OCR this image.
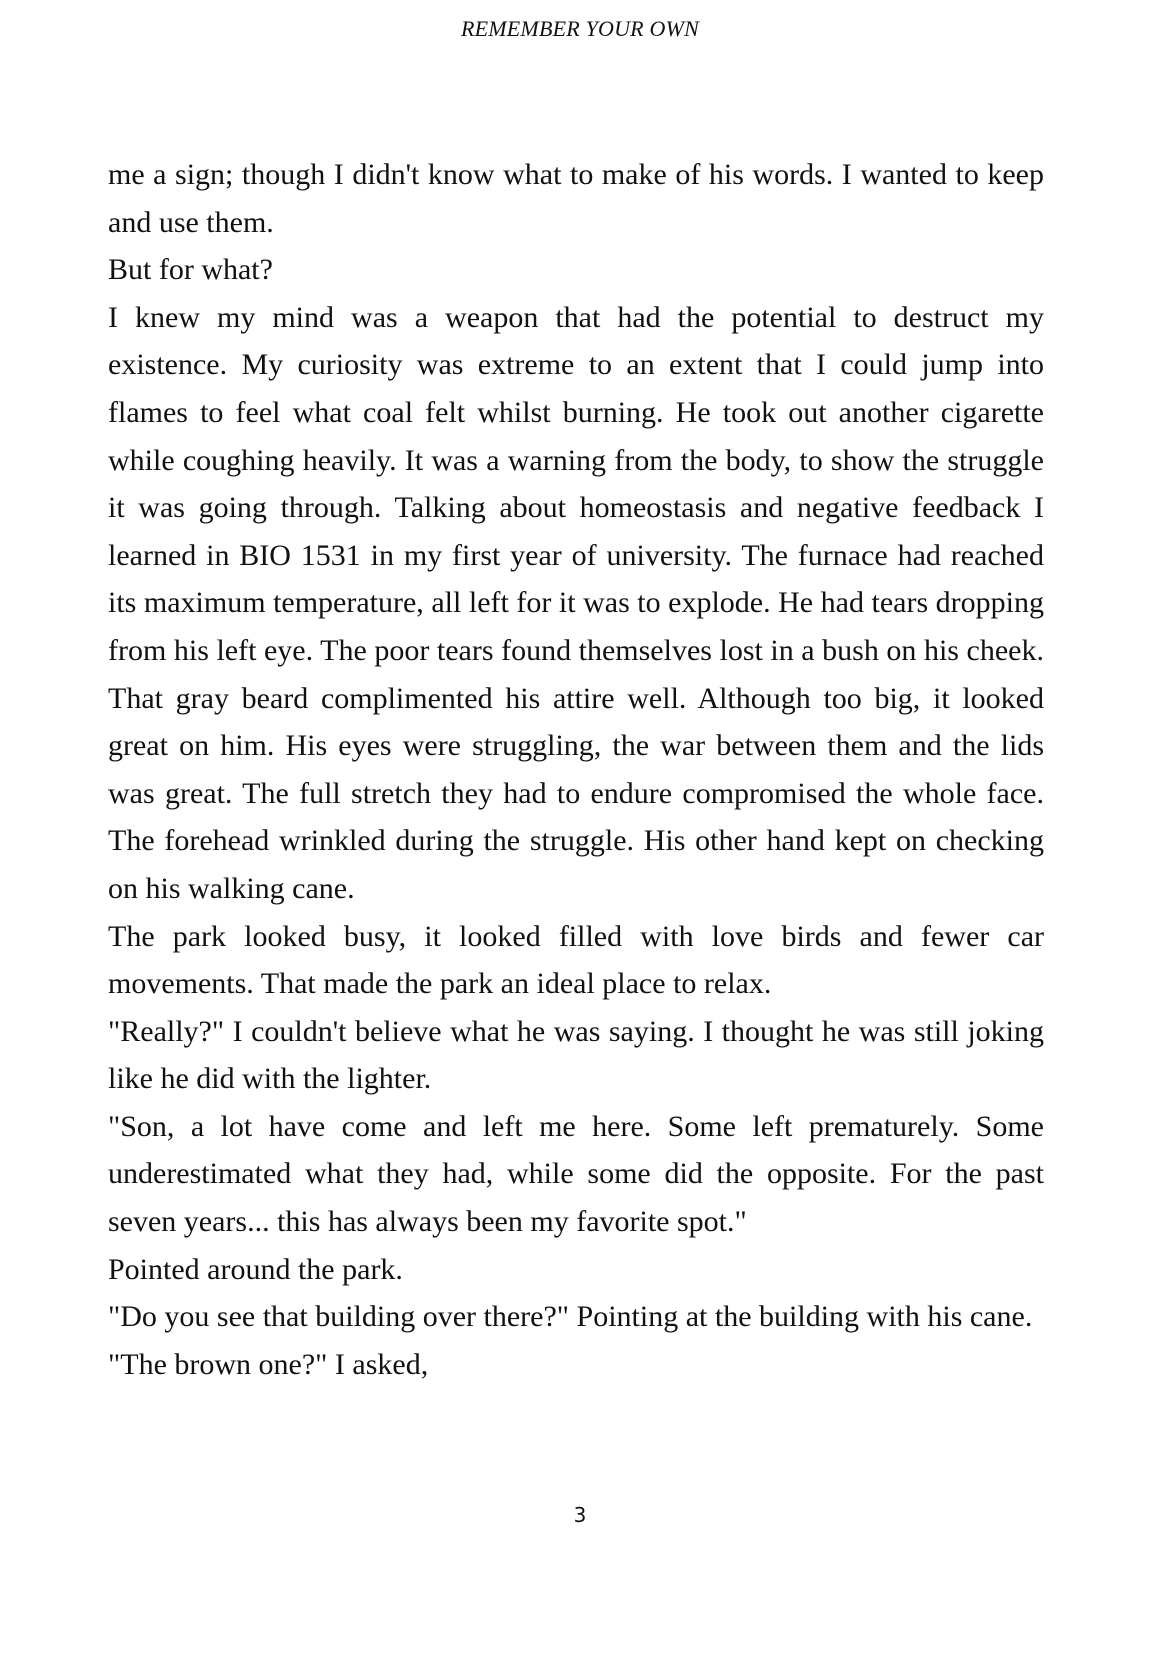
REMEMBER YOUR OWN

me a sign; though I didn't know what to make of his words. I wanted to keep and use them.

But for what?

I knew my mind was a weapon that had the potential to destruct my existence. My curiosity was extreme to an extent that I could jump into flames to feel what coal felt whilst burning. He took out another cigarette while coughing heavily. It was a warning from the body, to show the struggle it was going through. Talking about homeostasis and negative feedback I learned in BIO 1531 in my first year of university. The furnace had reached its maximum temperature, all left for it was to explode. He had tears dropping from his left eye. The poor tears found themselves lost in a bush on his cheek. That gray beard complimented his attire well. Although too big, it looked great on him. His eyes were struggling, the war between them and the lids was great. The full stretch they had to endure compromised the whole face. The forehead wrinkled during the struggle. His other hand kept on checking on his walking cane.

The park looked busy, it looked filled with love birds and fewer car movements. That made the park an ideal place to relax.

"Really?" I couldn't believe what he was saying. I thought he was still joking like he did with the lighter.

"Son, a lot have come and left me here. Some left prematurely. Some underestimated what they had, while some did the opposite. For the past seven years... this has always been my favorite spot."

Pointed around the park.

"Do you see that building over there?" Pointing at the building with his cane.

"The brown one?" I asked,

3
